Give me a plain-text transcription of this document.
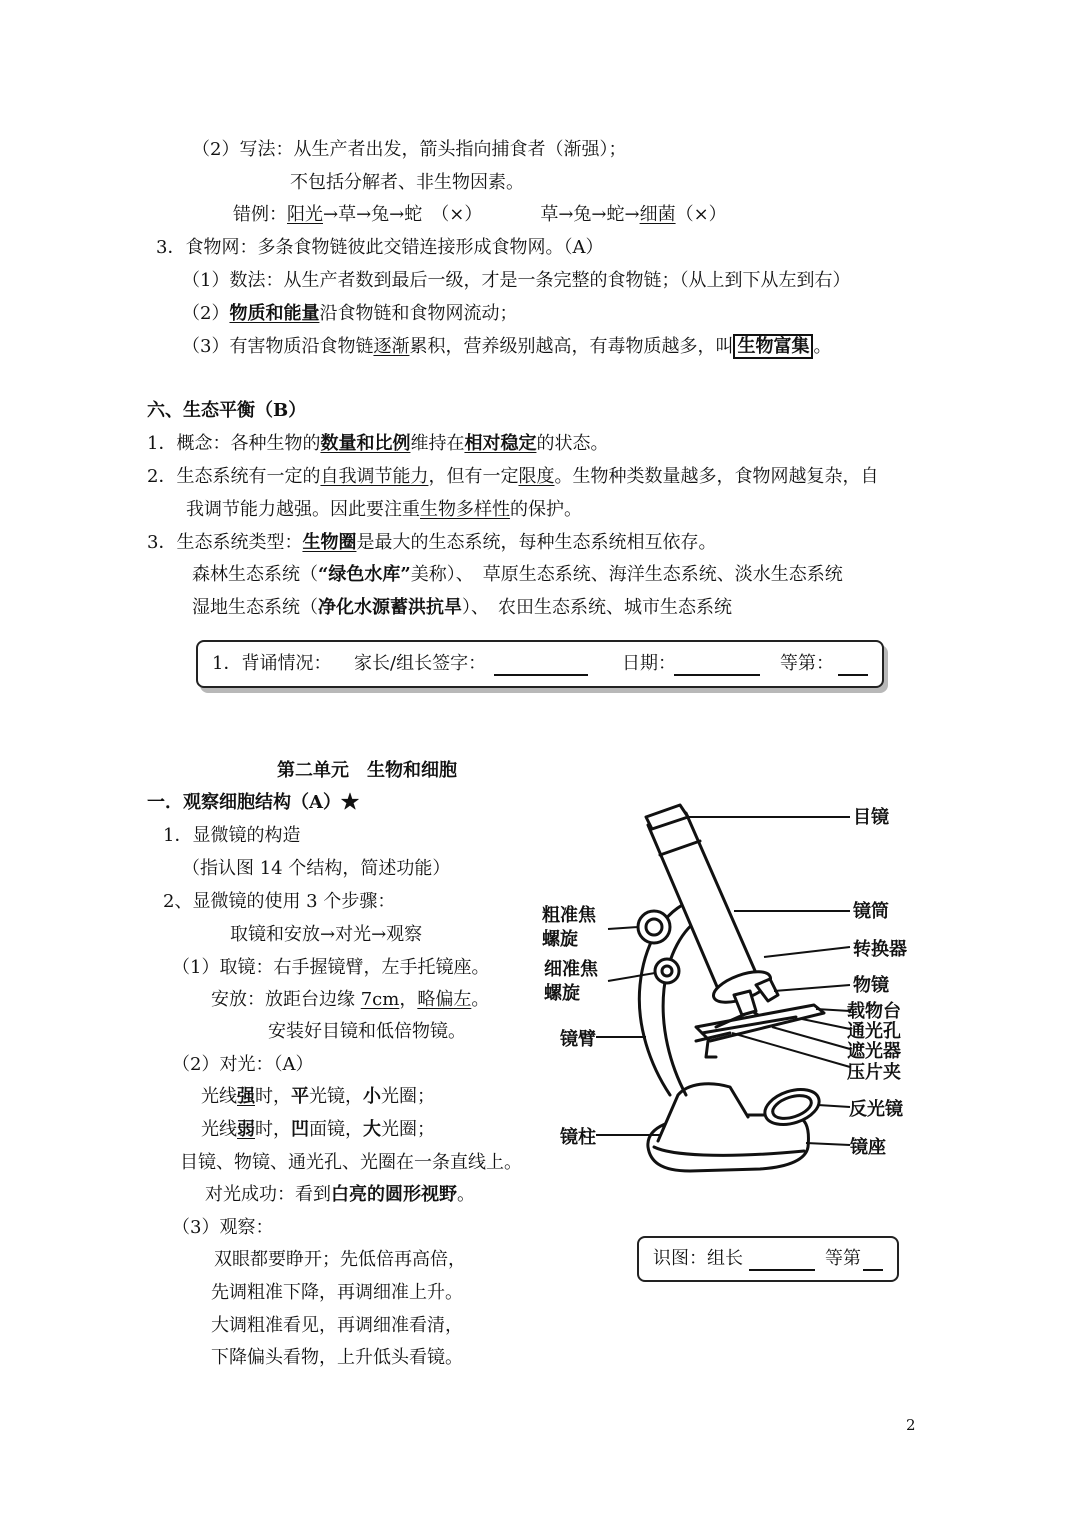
（2）写法：从生产者出发，箭头指向捕食者（渐强）；
不包括分解者、非生物因素。
错例：阳光→草→兔→蛇　（×）	草→兔→蛇→细菌（×）
3．食物网：多条食物链彼此交错连接形成食物网。（A）
（1）数法：从生产者数到最后一级，才是一条完整的食物链；（从上到下从左到右）
（2）物质和能量沿食物链和食物网流动；
（3）有害物质沿食物链逐渐累积，营养级别越高，有毒物质越多，叫 生物富集 。
六、生态平衡（B）
1．概念：各种生物的数量和比例维持在相对稳定的状态。
2．生态系统有一定的自我调节能力，但有一定限度。生物种类数量越多，食物网越复杂，自
我调节能力越强。因此要注重生物多样性的保护。
3．生态系统类型：生物圈是最大的生态系统，每种生态系统相互依存。
森林生态系统（“绿色水库”美称）、　草原生态系统、海洋生态系统、淡水生态系统
湿地生态系统（净化水源蓄洪抗旱）、　农田生态系统、城市生态系统
1．背诵情况： 家长/组长签字：	日期：	等第：
第二单元　生物和细胞
一．观察细胞结构（A）★
1．显微镜的构造
（指认图 14 个结构，简述功能）
2、显微镜的使用 3 个步骤：
取镜和安放→对光→观察
（1）取镜：右手握镜臂，左手托镜座。
安放：放距台边缘 7cm，略偏左。
安装好目镜和低倍物镜。
（2）对光：（A）
光线强时，平光镜，小光圈；
光线弱时，凹面镜，大光圈；
目镜、物镜、通光孔、光圈在一条直线上。
对光成功：看到白亮的圆形视野。
（3）观察：
双眼都要睁开；先低倍再高倍，
先调粗准下降，再调细准上升。
大调粗准看见，再调细准看清，
下降偏头看物，上升低头看镜。
目镜
镜筒
转换器
物镜
载物台
通光孔
遮光器
压片夹
反光镜
镜座
粗准焦
螺旋
细准焦
螺旋
镜臂
镜柱
识图：组长	等第
2
